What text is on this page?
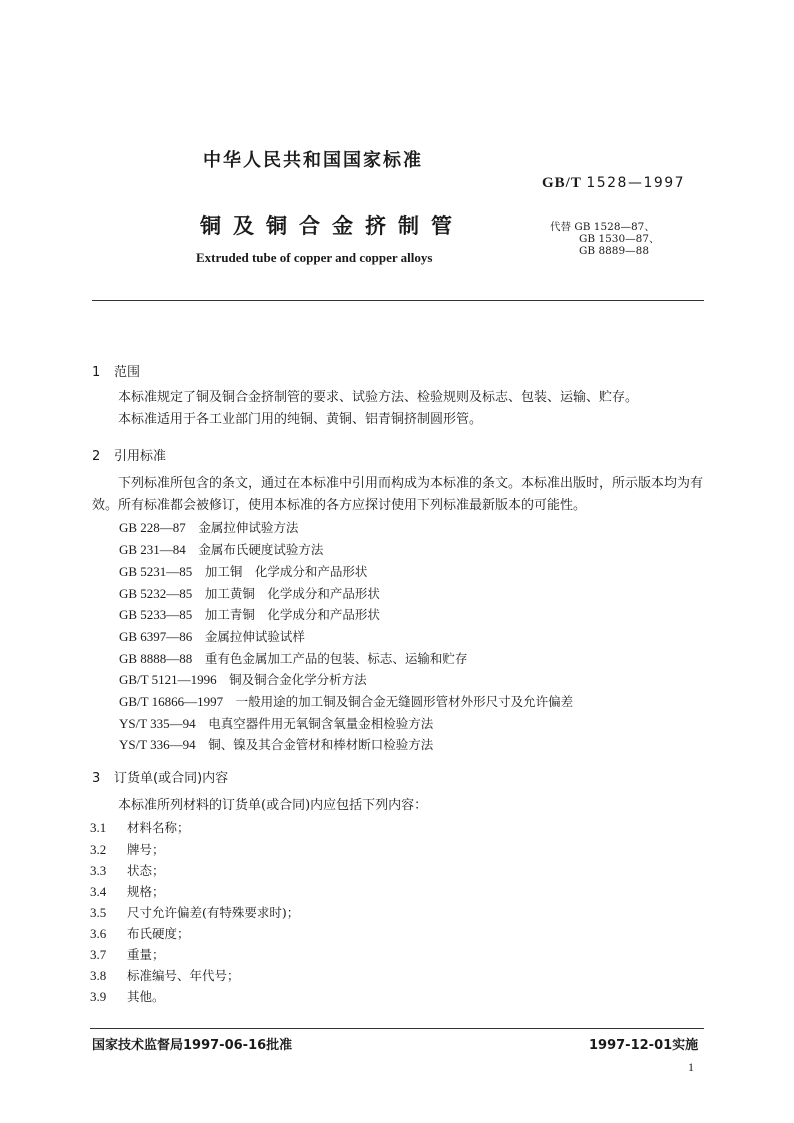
中华人民共和国国家标准
GB/T 1528—1997
铜及铜合金挤制管	代替 GB 1528—87、
GB 1530—87、
GB 8889—88
Extruded tube of copper and copper alloys
1 范围
本标准规定了铜及铜合金挤制管的要求、试验方法、检验规则及标志、包装、运输、贮存。
本标准适用于各工业部门用的纯铜、黄铜、铝青铜挤制圆形管。
2 引用标准
下列标准所包含的条文，通过在本标准中引用而构成为本标准的条文。本标准出版时，所示版本均为有效。所有标准都会被修订，使用本标准的各方应探讨使用下列标准最新版本的可能性。
GB 228—87　 金属拉伸试验方法
GB 231—84　 金属布氏硬度试验方法
GB 5231—85　 加工铜　化学成分和产品形状
GB 5232—85　 加工黄铜　化学成分和产品形状
GB 5233—85　 加工青铜　化学成分和产品形状
GB 6397—86　 金属拉伸试验试样
GB 8888—88　 重有色金属加工产品的包装、标志、运输和贮存
GB/T 5121—1996　 铜及铜合金化学分析方法
GB/T 16866—1997　 一般用途的加工铜及铜合金无缝圆形管材外形尺寸及允许偏差
YS/T 335—94　 电真空器件用无氧铜含氧量金相检验方法
YS/T 336—94　 铜、镍及其合金管材和棒材断口检验方法
3 订货单(或合同)内容
本标准所列材料的订货单(或合同)内应包括下列内容：
3.1 材料名称；
3.2 牌号；
3.3 状态；
3.4 规格；
3.5 尺寸允许偏差(有特殊要求时)；
3.6 布氏硬度；
3.7 重量；
3.8 标准编号、年代号；
3.9 其他。
国家技术监督局1997-06-16批准	1997-12-01实施
1
